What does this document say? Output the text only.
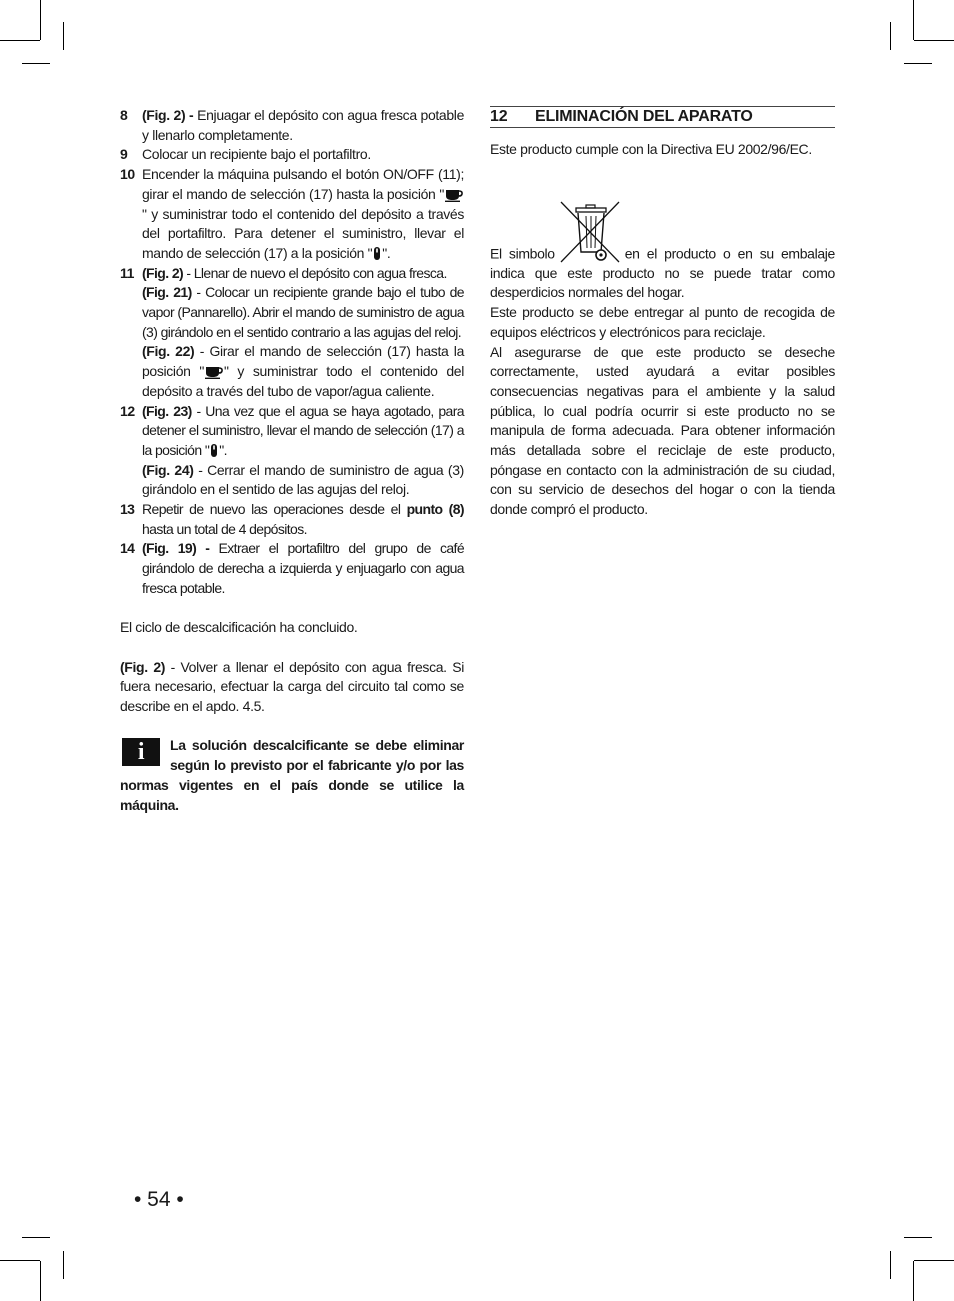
8	(Fig. 2) - Enjuagar el depósito con agua fresca potable y llenarlo completamente.
9	Colocar un recipiente bajo el portafiltro.
10 Encender la máquina pulsando el botón ON/OFF (11); girar el mando de selección (17) hasta la posición "" y suministrar todo el contenido del depósito a través del portafiltro. Para detener el suministro, llevar el mando de selección (17) a la posición " ".
11 (Fig. 2) - Llenar de nuevo el depósito con agua fresca.

(Fig. 21) - Colocar un recipiente grande bajo el tubo de vapor (Pannarello). Abrir el mando de suministro de agua (3) girándolo en el sentido contrario a las agujas del reloj.

(Fig. 22) - Girar el mando de selección (17) hasta la posición " " y suministrar todo el contenido del depósito a través del tubo de vapor/agua caliente.

12 (Fig. 23) - Una vez que el agua se haya agotado, para detener el suministro, llevar el mando de selección (17) a la posición " ".

(Fig. 24) - Cerrar el mando de suministro de agua (3) girándolo en el sentido de las agujas del reloj.

13 Repetir de nuevo las operaciones desde el punto (8) hasta un total de 4 depósitos.
14 (Fig. 19) - Extraer el portafiltro del grupo de café girándolo de derecha a izquierda y enjuagarlo con agua fresca potable.

El ciclo de descalcificación ha concluido.

(Fig. 2) - Volver a llenar el depósito con agua fresca. Si fuera necesario, efectuar la carga del circuito tal como se describe en el apdo. 4.5.

i	La solución descalcificante se debe eliminar según lo previsto por el fabricante y/o por las normas vigentes en el país donde se utilice la máquina.
12	ELIMINACIÓN DEL APARATO

Este producto cumple con la Directiva EU 2002/96/EC.

El simbolo	en el producto o en su embalaje indica que este producto no se puede tratar como desperdicios normales del hogar.

Este producto se debe entregar al punto de recogida de equipos eléctricos y electrónicos para reciclaje.

Al asegurarse de que este producto se deseche correctamente, usted ayudará a evitar posibles consecuencias negativas para el ambiente y la salud pública, lo cual podría ocurrir si este producto no se manipula de forma adecuada. Para obtener información más detallada sobre el reciclaje de este producto, póngase en contacto con la administración de su ciudad, con su servicio de desechos del hogar o con la tienda donde compró el producto.

• 54 •
